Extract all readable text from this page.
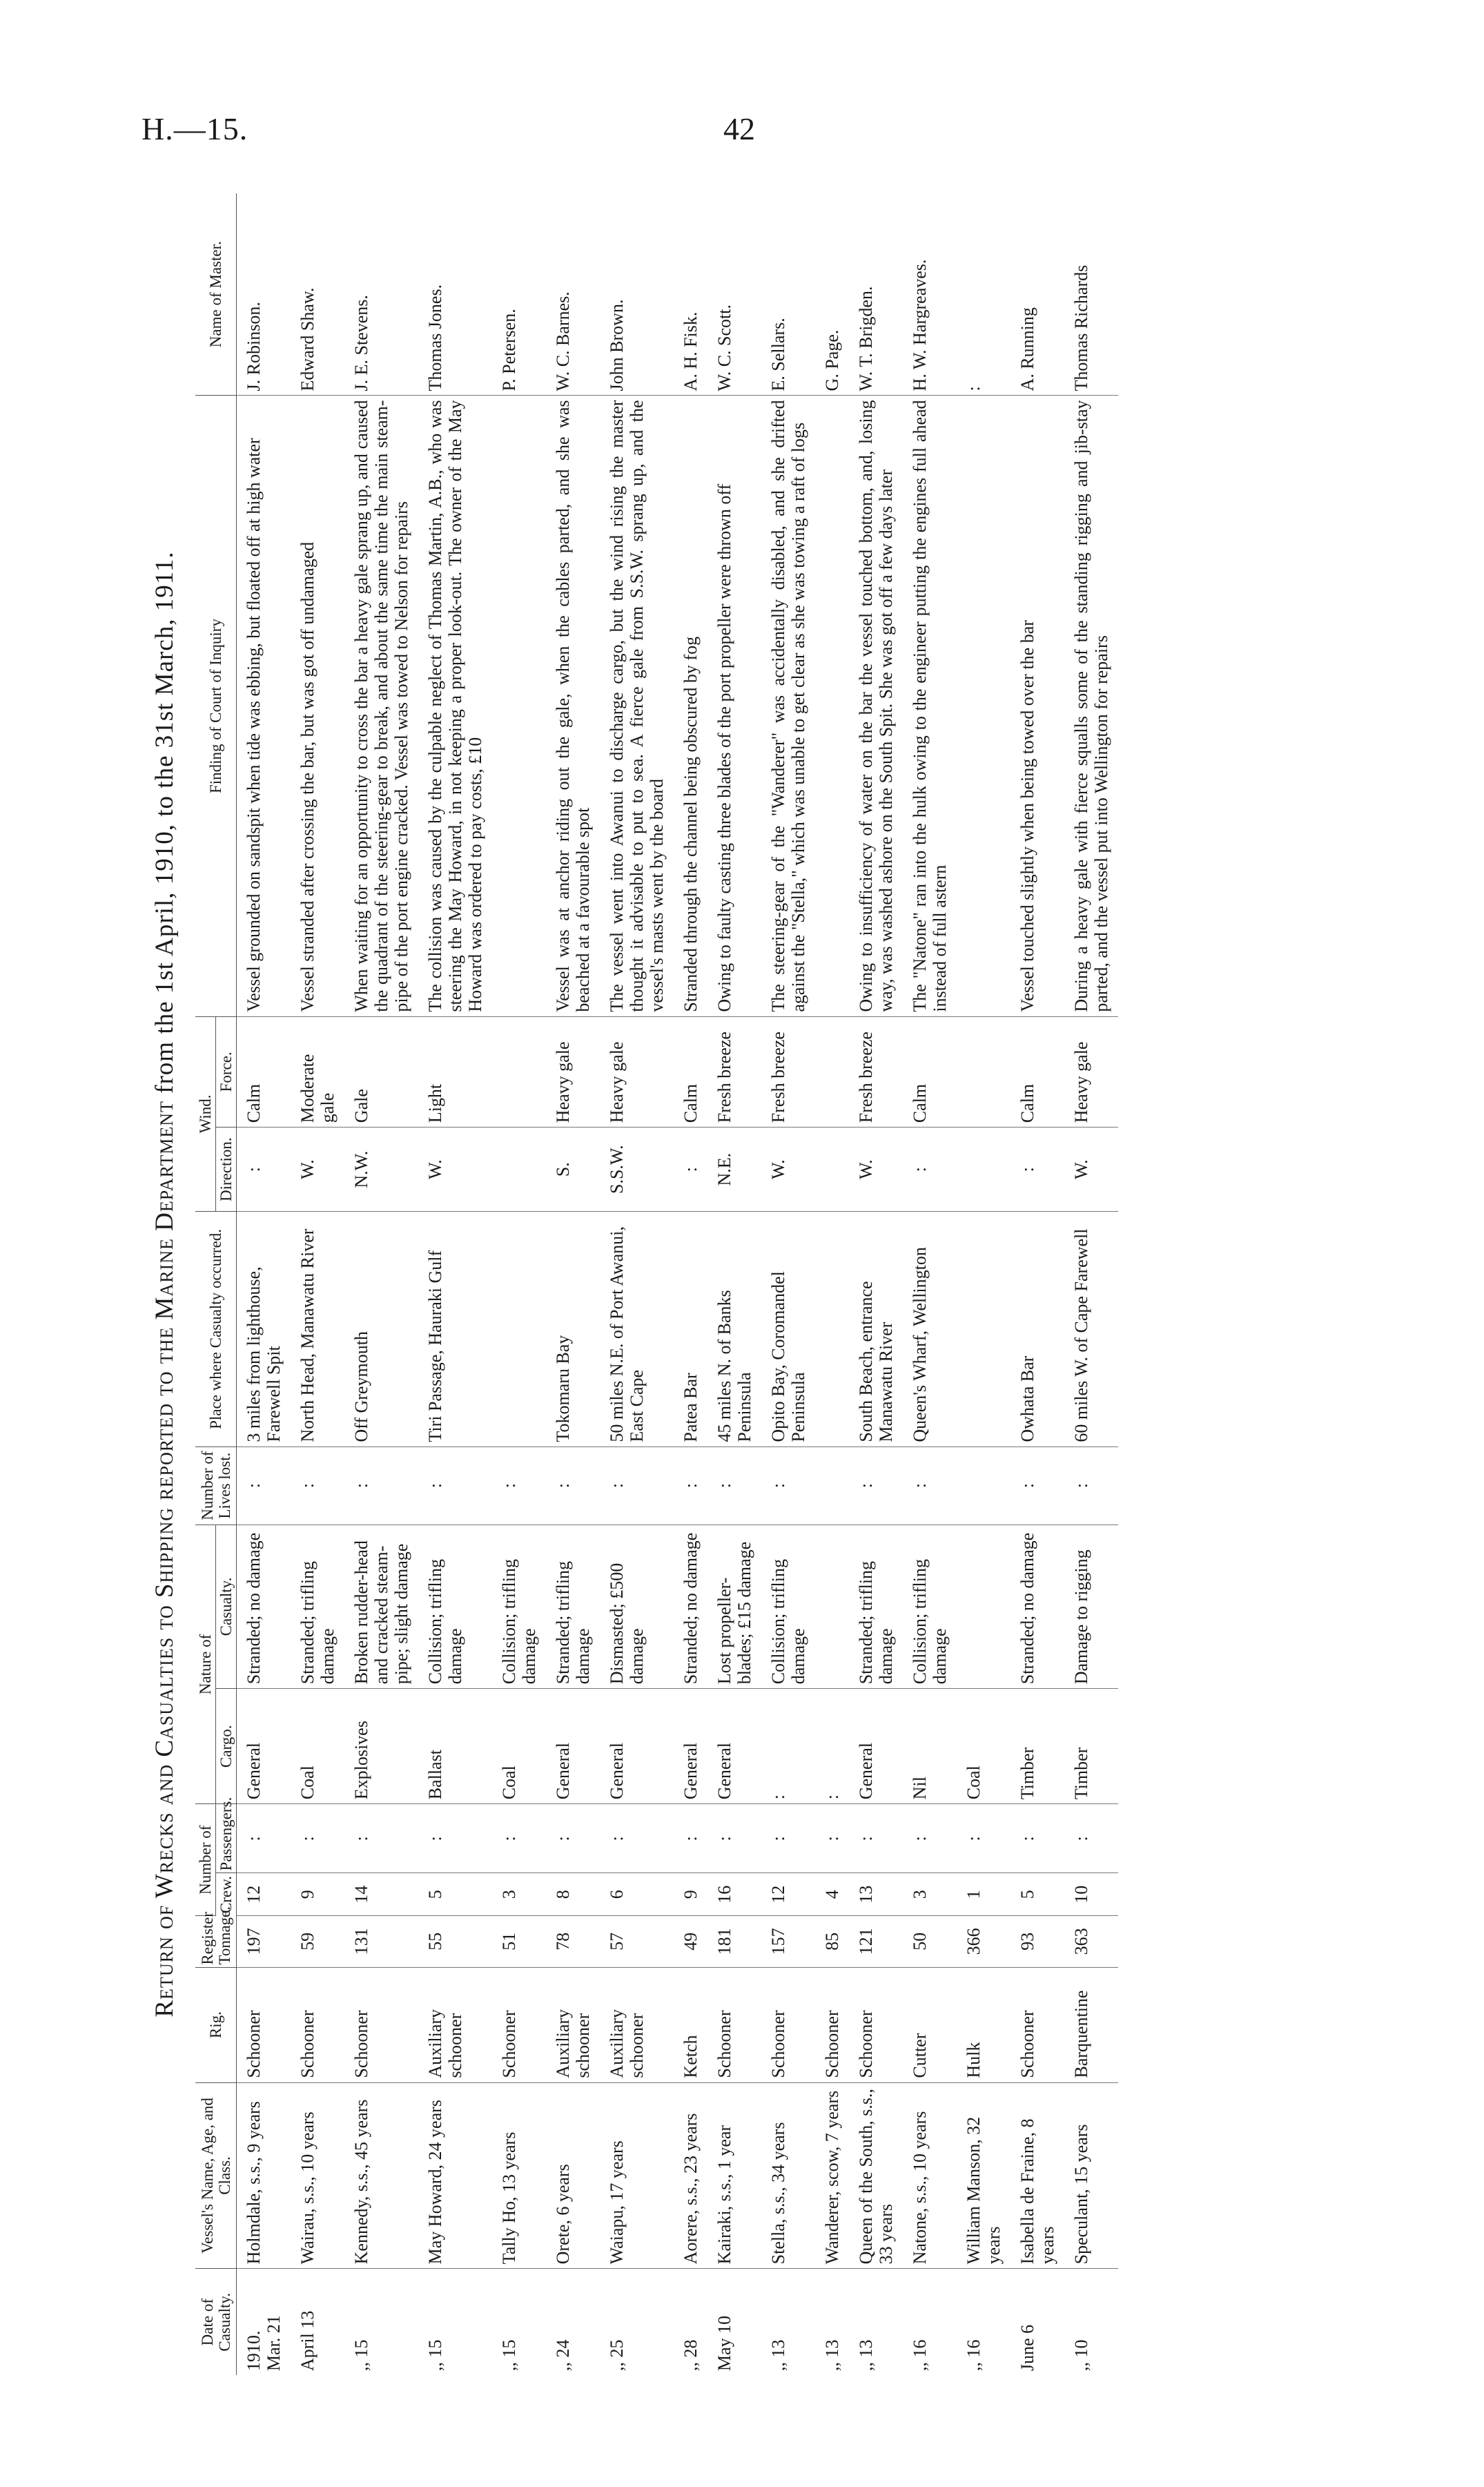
H.—15.	42
Return of Wrecks and Casualties to Shipping reported to the Marine Department from the 1st April, 1910, to the 31st March, 1911.
Date of Casualty.	Vessel's Name, Age, and Class.	Rig.	Register Tonnage.	Number of		Nature of		Number of Lives lost.	Place where Casualty occurred.	Wind.		Finding of Court of Inquiry	Name of Master.
				Crew.	Passengers.	Cargo.	Casualty.			Direction.	Force.		

1910. Mar. 21	Holmdale, s.s., 9 years	Schooner	197	12	:	General	Stranded; no damage	:	3 miles from lighthouse, Farewell Spit	:	Calm	Vessel grounded on sandspit when tide was ebbing, but floated off at high water	J. Robinson.
April 13	Wairau, s.s., 10 years	Schooner	59	9	:	Coal	Stranded; trifling damage	:	North Head, Manawatu River	W.	Moderate gale	Vessel stranded after crossing the bar, but was got off undamaged	Edward Shaw.
,, 15	Kennedy, s.s., 45 years	Schooner	131	14	:	Explosives	Broken rudder-head and cracked steam-pipe; slight damage	:	Off Greymouth	N.W.	Gale	When waiting for an opportunity to cross the bar a heavy gale sprang up, and caused the quadrant of the steering-gear to break, and about the same time the main steam-pipe of the port engine cracked. Vessel was towed to Nelson for repairs	J. E. Stevens.
,, 15	May Howard, 24 years	Auxiliary schooner	55	5	:	Ballast	Collision; trifling damage	:	Tiri Passage, Hauraki Gulf	W.	Light	The collision was caused by the culpable neglect of Thomas Martin, A.B., who was steering the May Howard, in not keeping a proper look-out. The owner of the May Howard was ordered to pay costs, £10	Thomas Jones.
,, 15	Tally Ho, 13 years	Schooner	51	3	:	Coal	Collision; trifling damage	:					P. Petersen.
,, 24	Orete, 6 years	Auxiliary schooner	78	8	:	General	Stranded; trifling damage	:	Tokomaru Bay	S.	Heavy gale	Vessel was at anchor riding out the gale, when the cables parted, and she was beached at a favourable spot	W. C. Barnes.
,, 25	Waiapu, 17 years	Auxiliary schooner	57	6	:	General	Dismasted; £500 damage	:	50 miles N.E. of Port Awanui, East Cape	S.S.W.	Heavy gale	The vessel went into Awanui to discharge cargo, but the wind rising the master thought it advisable to put to sea. A fierce gale from S.S.W. sprang up, and the vessel's masts went by the board	John Brown.
,, 28	Aorere, s.s., 23 years	Ketch	49	9	:	General	Stranded; no damage	:	Patea Bar	:	Calm	Stranded through the channel being obscured by fog	A. H. Fisk.
May 10	Kairaki, s.s., 1 year	Schooner	181	16	:	General	Lost propeller-blades; £15 damage	:	45 miles N. of Banks Peninsula	N.E.	Fresh breeze	Owing to faulty casting three blades of the port propeller were thrown off	W. C. Scott.
,, 13	Stella, s.s., 34 years	Schooner	157	12	:	:	Collision; trifling damage	:	Opito Bay, Coromandel Peninsula	W.	Fresh breeze	The steering-gear of the "Wanderer" was accidentally disabled, and she drifted against the "Stella," which was unable to get clear as she was towing a raft of logs	E. Sellars.
,, 13	Wanderer, scow, 7 years	Schooner	85	4	:	:							G. Page.
,, 13	Queen of the South, s.s., 33 years	Schooner	121	13	:	General	Stranded; trifling damage	:	South Beach, entrance Manawatu River	W.	Fresh breeze	Owing to insufficiency of water on the bar the vessel touched bottom, and, losing way, was washed ashore on the South Spit. She was got off a few days later	W. T. Brigden.
,, 16	Natone, s.s., 10 years	Cutter	50	3	:	Nil	Collision; trifling damage	:	Queen's Wharf, Wellington	:	Calm	The "Natone" ran into the hulk owing to the engineer putting the engines full ahead instead of full astern	H. W. Hargreaves.
,, 16	William Manson, 32 years	Hulk	366	1	:	Coal							:
June 6	Isabella de Fraine, 8 years	Schooner	93	5	:	Timber	Stranded; no damage	:	Owhata Bar	:	Calm	Vessel touched slightly when being towed over the bar	A. Running
,, 10	Speculant, 15 years	Barquentine	363	10	:	Timber	Damage to rigging	:	60 miles W. of Cape Farewell	W.	Heavy gale	During a heavy gale with fierce squalls some of the standing rigging and jib-stay parted, and the vessel put into Wellington for repairs	Thomas Richards
